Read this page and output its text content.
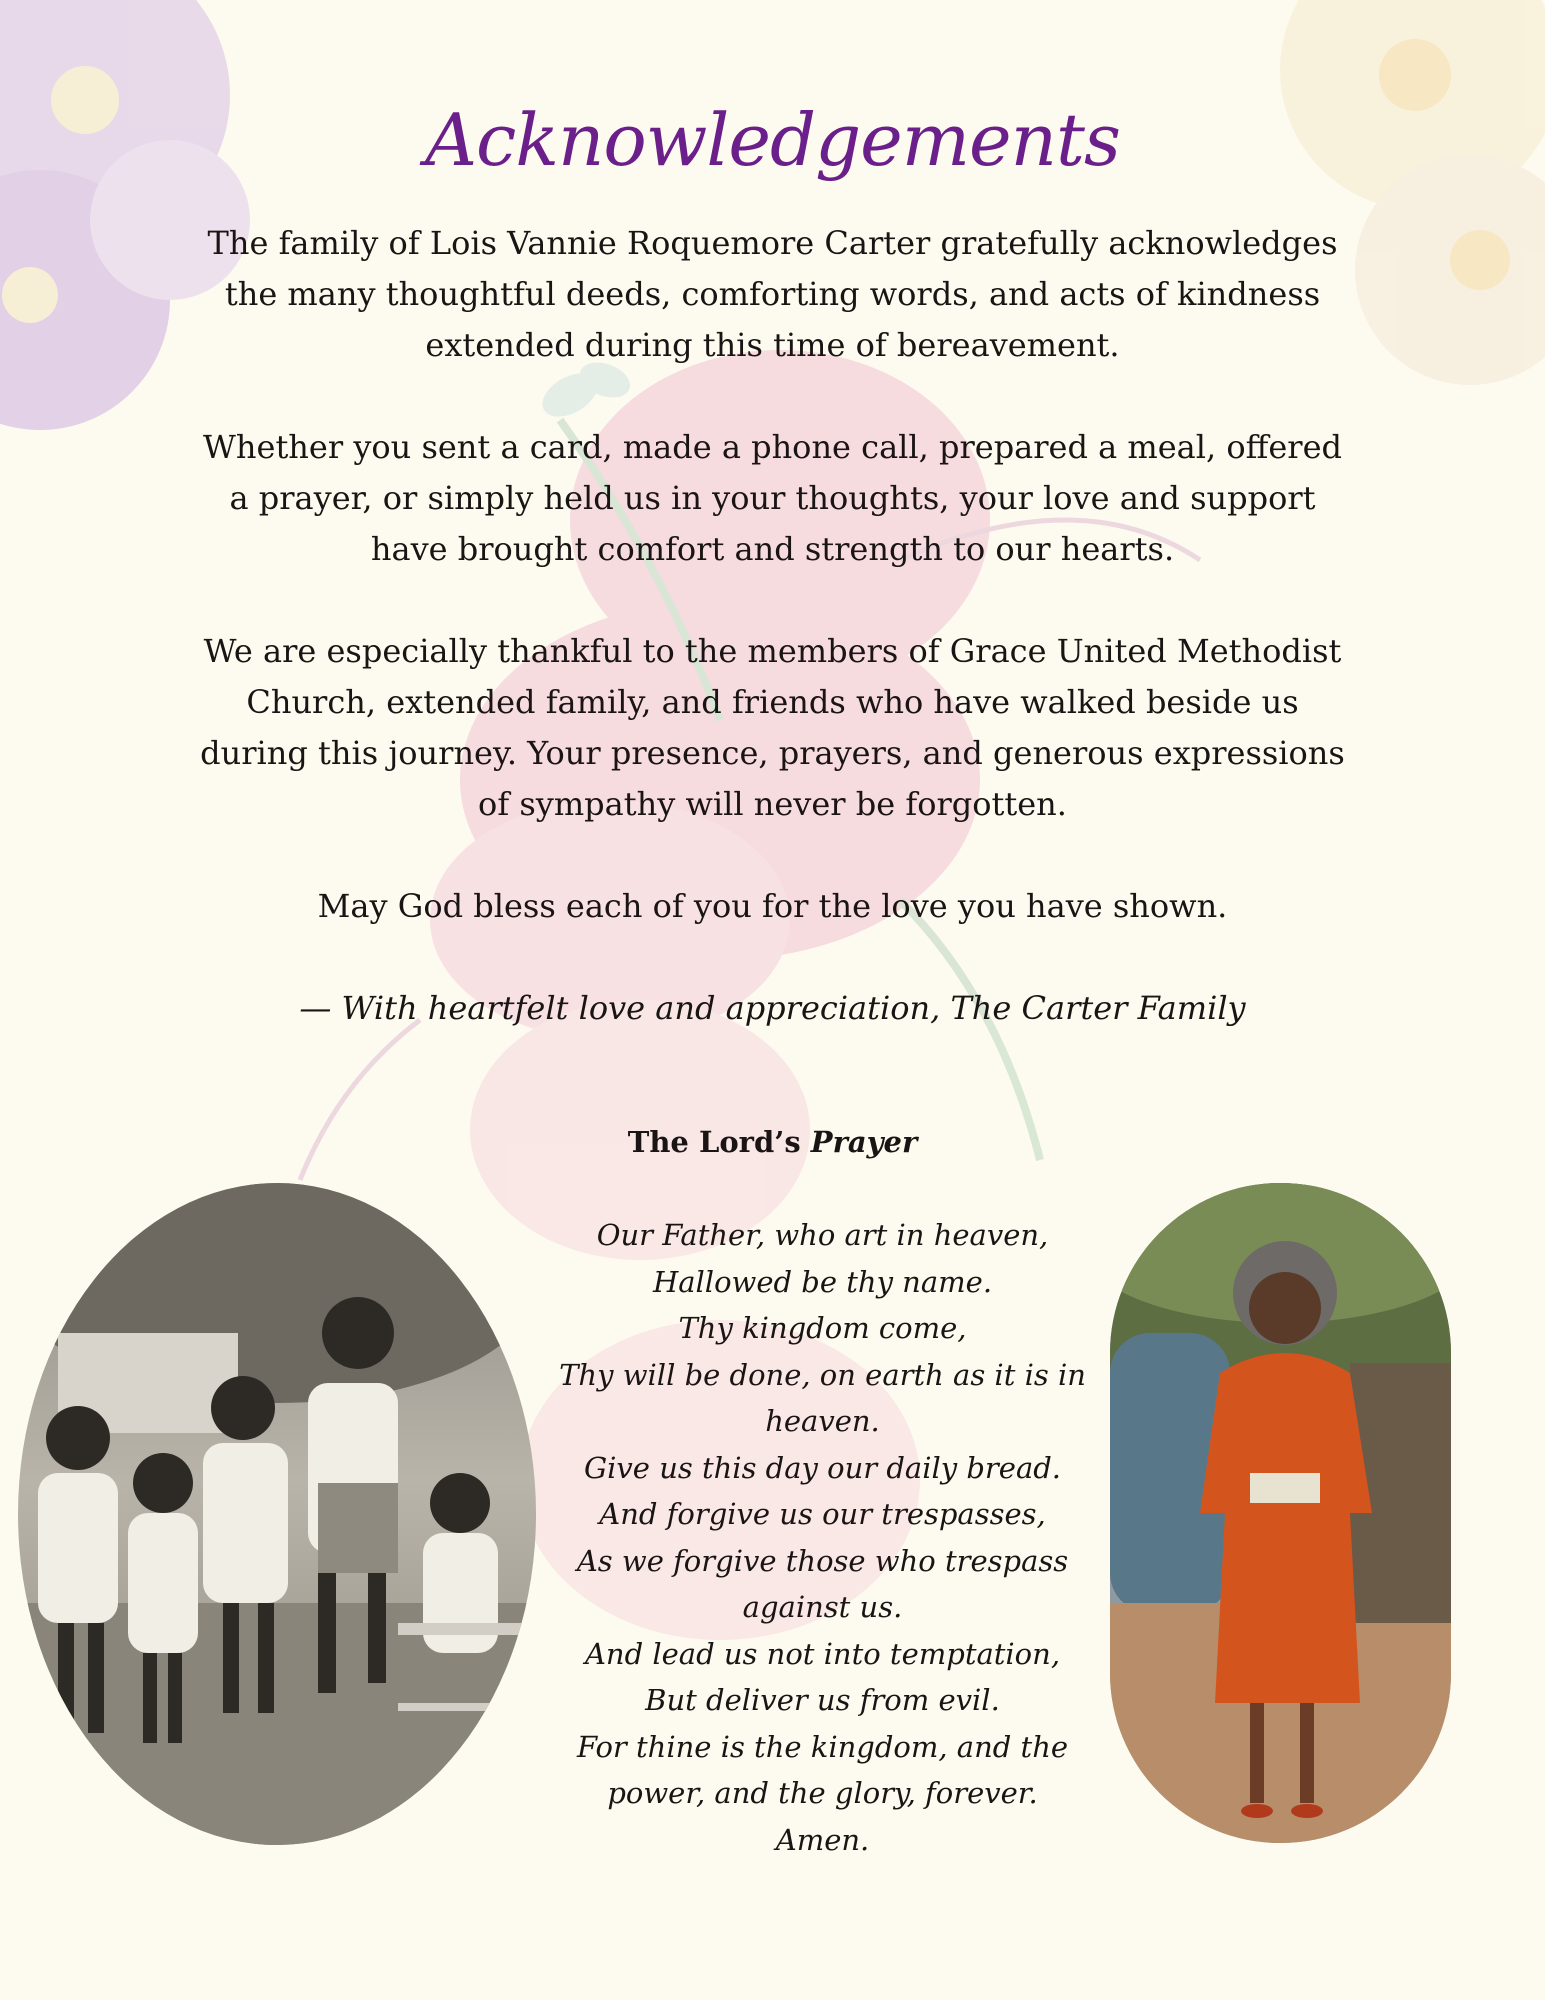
Acknowledgements

The family of Lois Vannie Roquemore Carter gratefully acknowledges the many thoughtful deeds, comforting words, and acts of kindness extended during this time of bereavement.

Whether you sent a card, made a phone call, prepared a meal, offered a prayer, or simply held us in your thoughts, your love and support have brought comfort and strength to our hearts.

We are especially thankful to the members of Grace United Methodist Church, extended family, and friends who have walked beside us during this journey. Your presence, prayers, and generous expressions of sympathy will never be forgotten.

May God bless each of you for the love you have shown.

— With heartfelt love and appreciation, The Carter Family

The Lord’s Prayer
Our Father, who art in heaven,
Hallowed be thy name.
Thy kingdom come,
Thy will be done, on earth as it is in
heaven.
Give us this day our daily bread.
And forgive us our trespasses,
As we forgive those who trespass
against us.
And lead us not into temptation,
But deliver us from evil.
For thine is the kingdom, and the
power, and the glory, forever.
Amen.
